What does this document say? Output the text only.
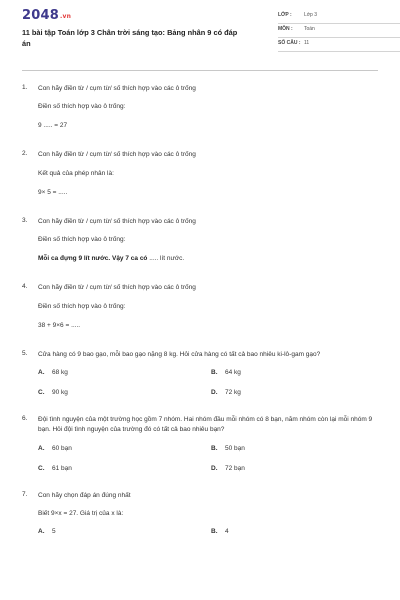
2048.vn
11 bài tập Toán lớp 3 Chân trời sáng tạo: Bảng nhân 9 có đáp án
LỚP :	Lớp 3
MÔN :	Toán
SỐ CÂU : 11
1. Con hãy điền từ / cụm từ/ số thích hợp vào các ô trống
Điền số thích hợp vào ô trống:
9 ..... = 27
2. Con hãy điền từ / cụm từ/ số thích hợp vào các ô trống
Kết quả của phép nhân là:
9× 5 = .....
3. Con hãy điền từ / cụm từ/ số thích hợp vào các ô trống
Điền số thích hợp vào ô trống:
Mỗi ca đựng 9 lít nước. Vậy 7 ca có ..... lít nước.
4. Con hãy điền từ / cụm từ/ số thích hợp vào các ô trống
Điền số thích hợp vào ô trống:
38 + 9×6 = .....
5. Cửa hàng có 9 bao gạo, mỗi bao gạo nặng 8 kg. Hỏi cửa hàng có tất cả bao nhiêu ki-lô-gam gạo?
A. 68 kg	B. 64 kg
C. 90 kg	D. 72 kg
6. Đội tình nguyện của một trường học gồm 7 nhóm. Hai nhóm đầu mỗi nhóm có 8 bạn, năm nhóm còn lại mỗi nhóm 9 bạn. Hỏi đội tình nguyện của trường đó có tất cả bao nhiêu bạn?
A. 60 bạn	B. 50 bạn
C. 61 bạn	D. 72 bạn
7. Con hãy chọn đáp án đúng nhất
Biết 9×x = 27. Giá trị của x là:
A. 5	B. 4
